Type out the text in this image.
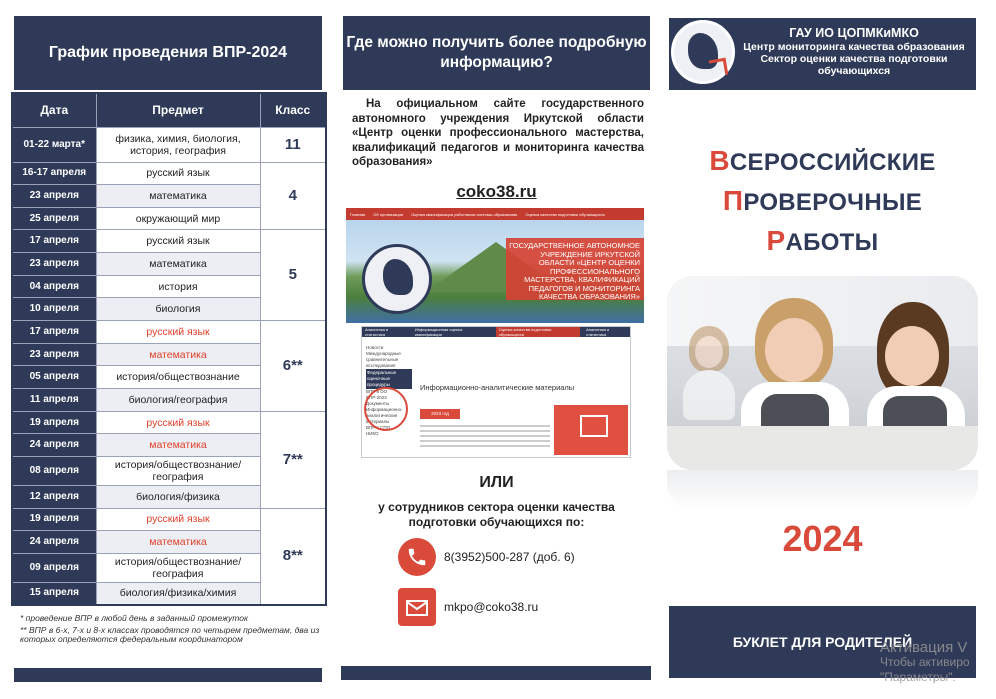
График проведения ВПР-2024
Дата	Предмет	Класс
01-22 марта*	физика, химия, биология, история, география	11
16-17 апреля	русский язык	4
23 апреля	математика	
25 апреля	окружающий мир	
17 апреля	русский язык	5
23 апреля	математика	
04 апреля	история	
10 апреля	биология	
17 апреля	русский язык	6**
23 апреля	математика	
05 апреля	история/обществознание	
11 апреля	биология/география	
19 апреля	русский язык	7**
24 апреля	математика	
08 апреля	история/обществознание/ география	
12 апреля	биология/физика	
19 апреля	русский язык	8**
24 апреля	математика	
09 апреля	история/обществознание/ география	
15 апреля	биология/физика/химия	

* проведение ВПР в любой день в заданный промежуток

** ВПР в 6-х, 7-х и 8-х классах проводятся по четырем предметам, два из которых определяются федеральным координатором

Где можно получить более подробную информацию?

На официальном сайте государственного автономного учреждения Иркутской области «Центр оценки профессионального мастерства, квалификаций педагогов и мониторинга качества образования»

coko38.ru
Главная Об организации Оценка квалификации работников системы образования Оценка качества подготовки обучающихся
ГОСУДАРСТВЕННОЕ АВТОНОМНОЕ УЧРЕЖДЕНИЕ ИРКУТСКОЙ ОБЛАСТИ «ЦЕНТР ОЦЕНКИ ПРОФЕССИОНАЛЬНОГО МАСТЕРСТВА, КВАЛИФИКАЦИЙ ПЕДАГОГОВ И МОНИТОРИНГА КАЧЕСТВА ОБРАЗОВАНИЯ»
Аналитика и статистика
Информационная оценка квалификации
Оценка качества подготовки обучающихся
Аналитика и статистика
Новости
Международные сравнительные исследования
Федеральные оценочные процедуры
ВПР в ОО
ВПР-2023
Документы
Информационно-аналитические материалы
ВПР в СПО
НИКО
Информационно-аналитические материалы
2023 год
ИЛИ
у сотрудников сектора оценки качества подготовки обучающихся по:
8(3952)500-287 (доб. 6)
mkpo@coko38.ru
ГАУ ИО ЦОПМКиМКО
Центр мониторинга качества образования
Сектор оценки качества подготовки обучающихся
ВСЕРОССИЙСКИЕ
ПРОВЕРОЧНЫЕ
РАБОТЫ
2024
БУКЛЕТ ДЛЯ РОДИТЕЛЕЙ
Активация V
Чтобы активиро
"Параметры".
